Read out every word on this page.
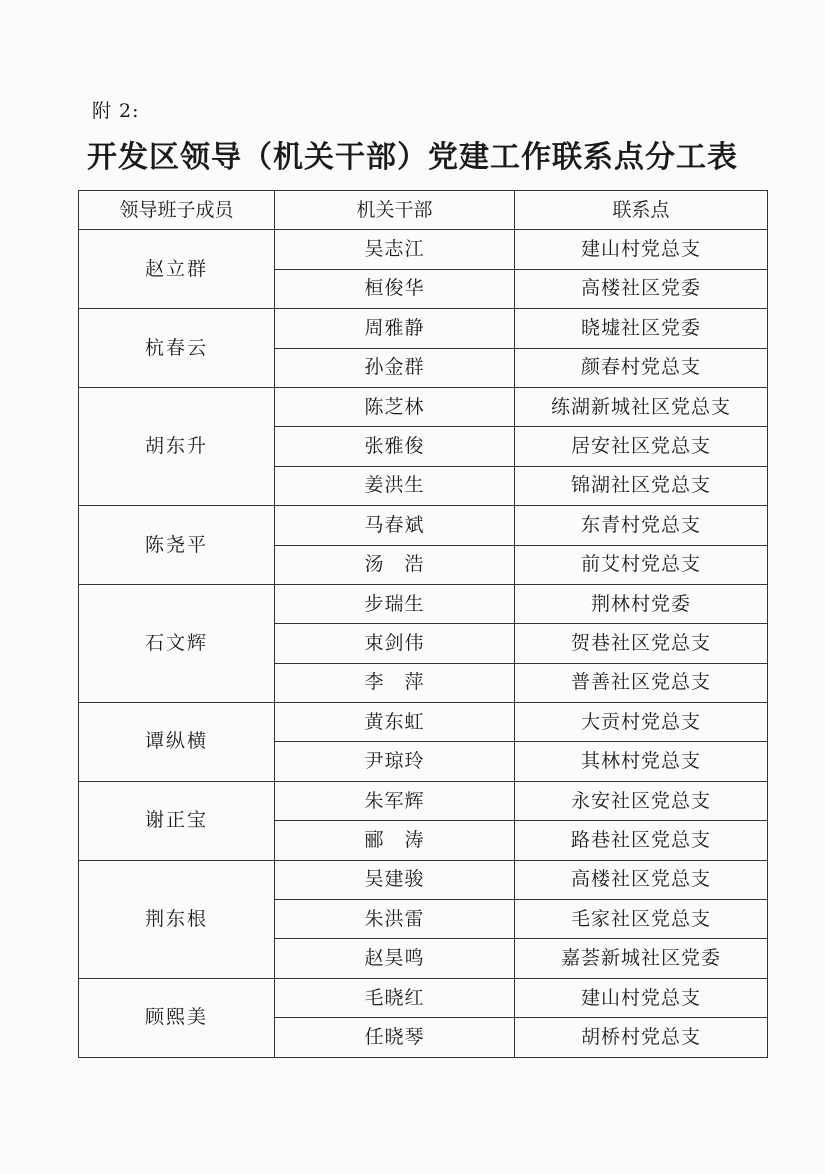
附 2:
开发区领导（机关干部）党建工作联系点分工表
领导班子成员	机关干部	联系点
赵立群	吴志江	建山村党总支
	桓俊华	高楼社区党委
杭春云	周雅静	晓墟社区党委
	孙金群	颜春村党总支
胡东升	陈芝林	练湖新城社区党总支
	张雅俊	居安社区党总支
	姜洪生	锦湖社区党总支
陈尧平	马春斌	东青村党总支
	汤　浩	前艾村党总支
石文辉	步瑞生	荆林村党委
	束剑伟	贺巷社区党总支
	李　萍	普善社区党总支
谭纵横	黄东虹	大贡村党总支
	尹琼玲	其林村党总支
谢正宝	朱军辉	永安社区党总支
	郦　涛	路巷社区党总支
荆东根	吴建骏	高楼社区党总支
	朱洪雷	毛家社区党总支
	赵昊鸣	嘉荟新城社区党委
顾熙美	毛晓红	建山村党总支
	任晓琴	胡桥村党总支
